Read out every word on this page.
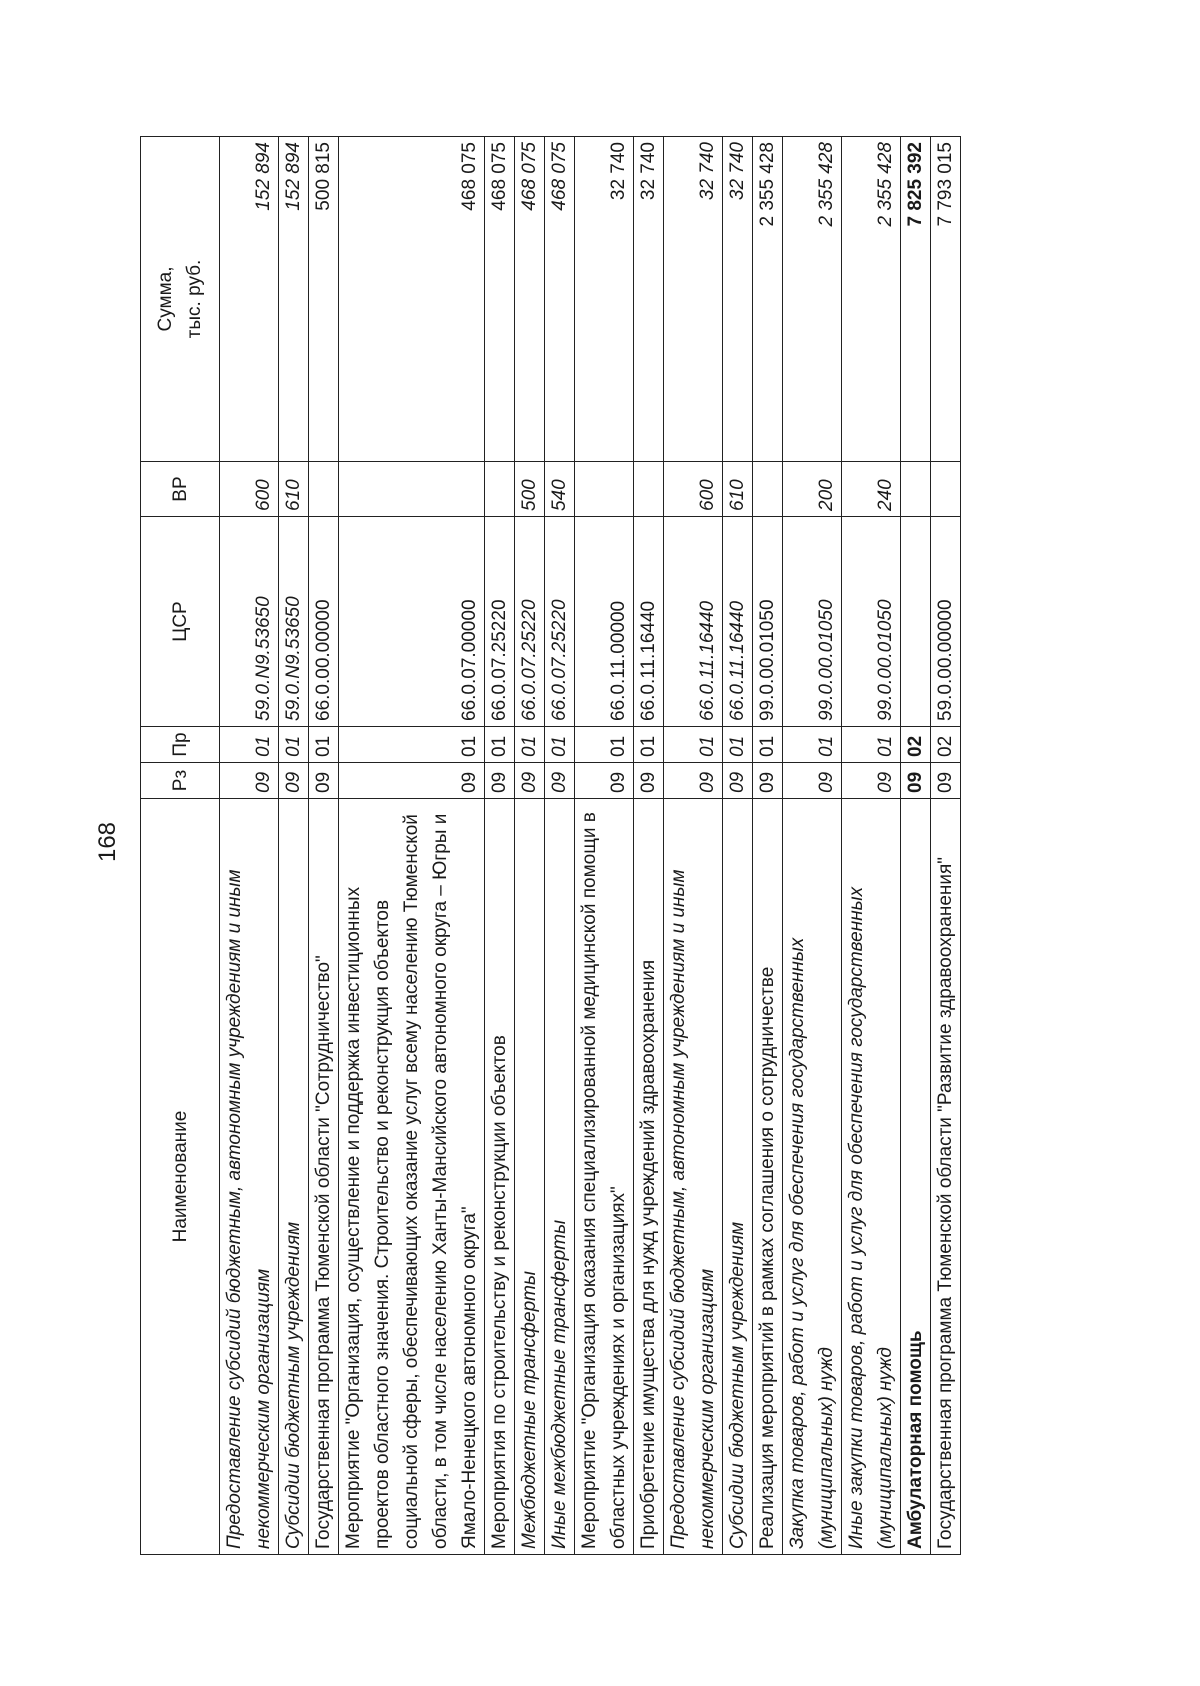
168
Наименование	Рз	Пр	ЦСР	ВР	Сумма, тыс. руб.
Предоставление субсидий бюджетным, автономным учреждениям и иным некоммерческим организациям	09	01	59.0.N9.53650	600	152 894
Субсидии бюджетным учреждениям	09	01	59.0.N9.53650	610	152 894
Государственная программа Тюменской области "Сотрудничество"	09	01	66.0.00.00000		500 815
Мероприятие "Организация, осуществление и поддержка инвестиционных проектов областного значения. Строительство и реконструкция объектов социальной сферы, обеспечивающих оказание услуг всему населению Тюменской области, в том числе населению Ханты-Мансийского автономного округа – Югры и Ямало-Ненецкого автономного округа"	09	01	66.0.07.00000		468 075
Мероприятия по строительству и реконструкции объектов	09	01	66.0.07.25220		468 075
Межбюджетные трансферты	09	01	66.0.07.25220	500	468 075
Иные межбюджетные трансферты	09	01	66.0.07.25220	540	468 075
Мероприятие "Организация оказания специализированной медицинской помощи в областных учреждениях и организациях"	09	01	66.0.11.00000		32 740
Приобретение имущества для нужд учреждений здравоохранения	09	01	66.0.11.16440		32 740
Предоставление субсидий бюджетным, автономным учреждениям и иным некоммерческим организациям	09	01	66.0.11.16440	600	32 740
Субсидии бюджетным учреждениям	09	01	66.0.11.16440	610	32 740
Реализация мероприятий в рамках соглашения о сотрудничестве	09	01	99.0.00.01050		2 355 428
Закупка товаров, работ и услуг для обеспечения государственных (муниципальных) нужд	09	01	99.0.00.01050	200	2 355 428
Иные закупки товаров, работ и услуг для обеспечения государственных (муниципальных) нужд	09	01	99.0.00.01050	240	2 355 428
Амбулаторная помощь	09	02			7 825 392
Государственная программа Тюменской области "Развитие здравоохранения"	09	02	59.0.00.00000		7 793 015
